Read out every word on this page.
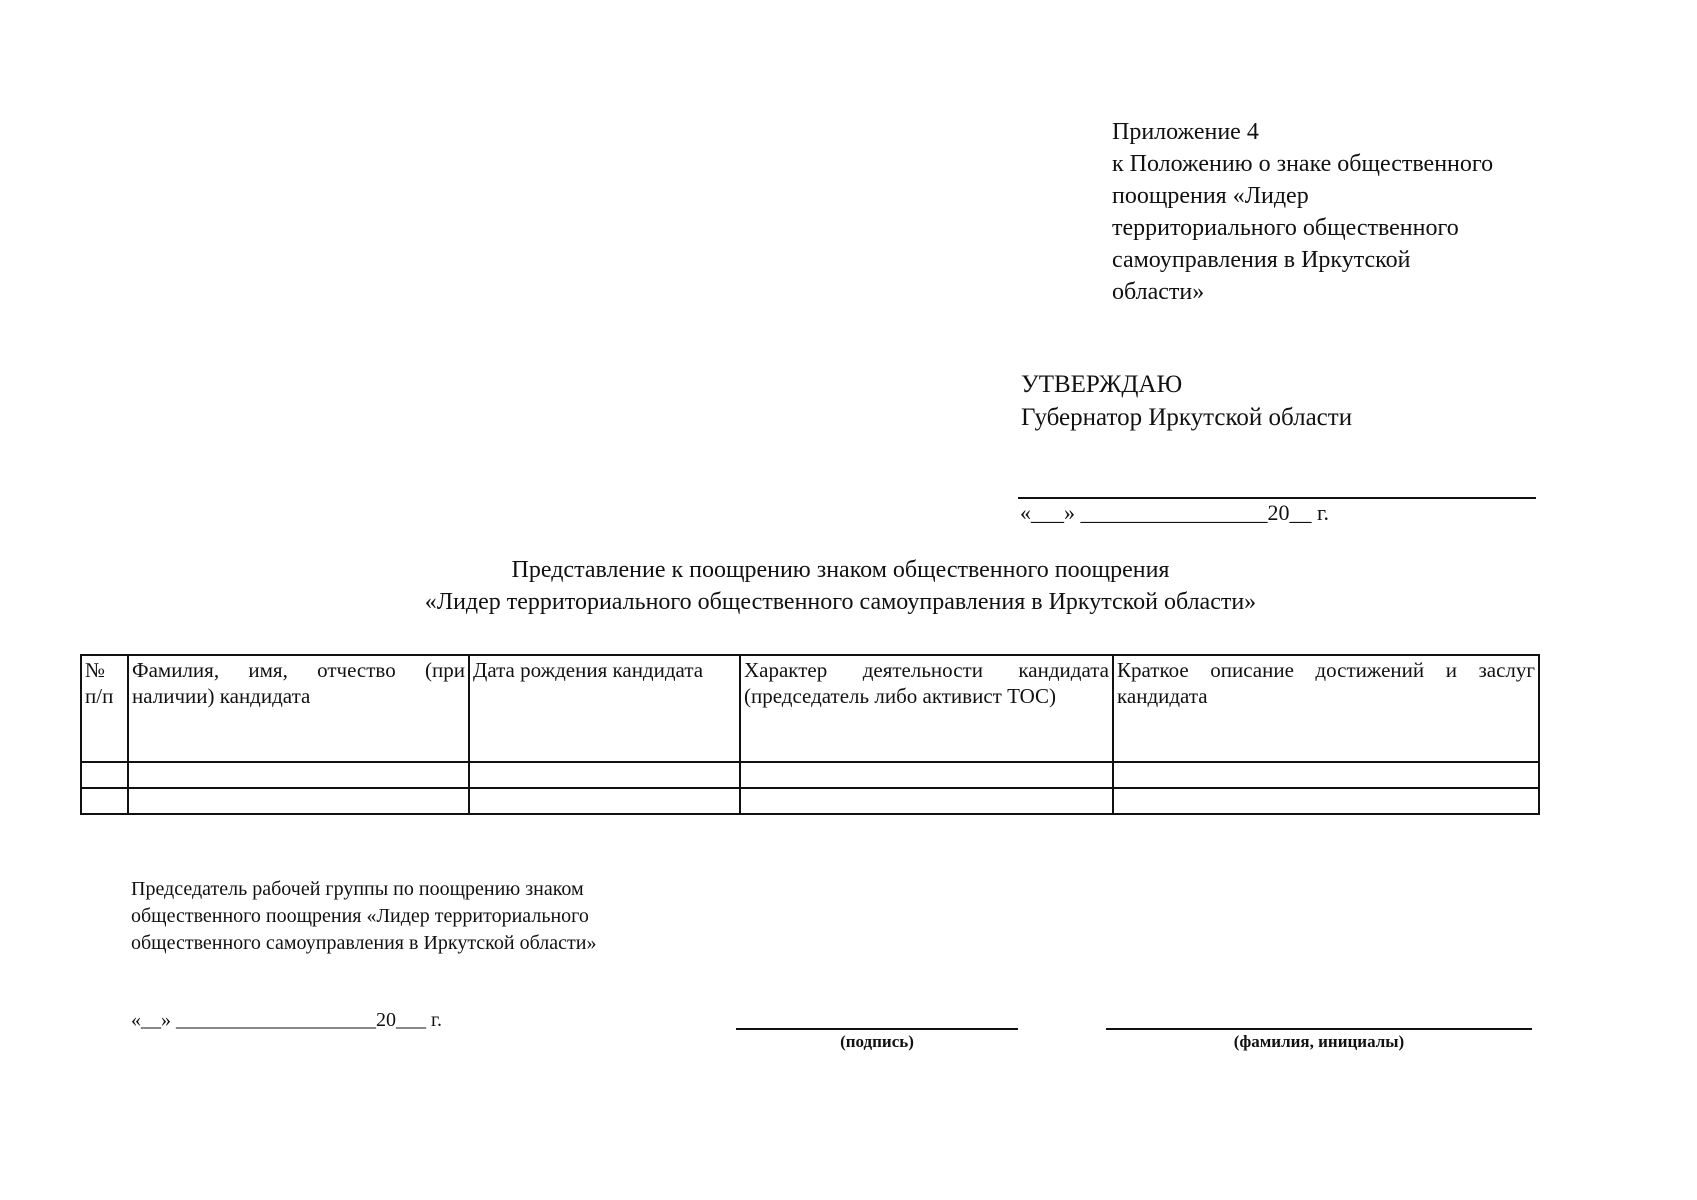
Приложение 4
к Положению о знаке общественного
поощрения «Лидер
территориального общественного
самоуправления в Иркутской
области»
УТВЕРЖДАЮ
Губернатор Иркутской области
«___» _________________20__ г.
Представление к поощрению знаком общественного поощрения
«Лидер территориального общественного самоуправления в Иркутской области»
№ п/п	Фамилия, имя, отчество (при наличии) кандидата	Дата рождения кандидата	Характер деятельности кандидата (председатель либо активист ТОС)	Краткое описание достижений и заслуг кандидата

Председатель рабочей группы по поощрению знаком
общественного поощрения «Лидер территориального
общественного самоуправления в Иркутской области»
«__» ____________________20___ г.
(подпись)	(фамилия, инициалы)
